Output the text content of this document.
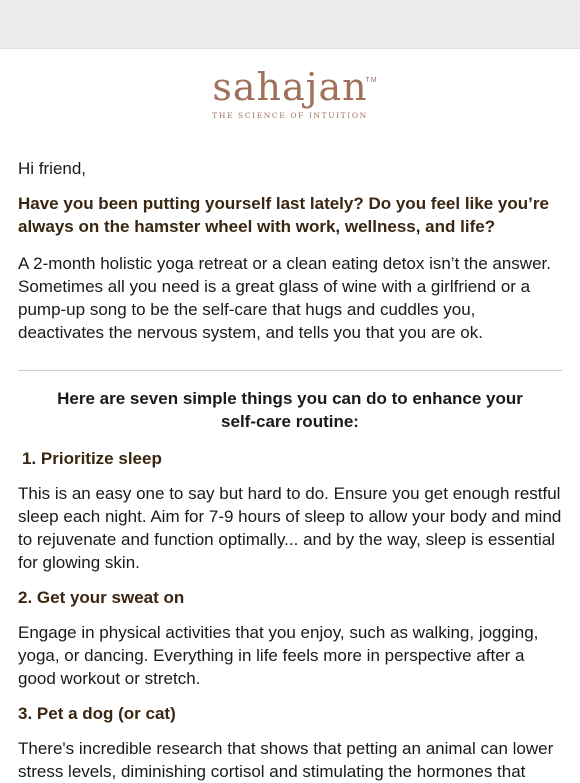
sahajan
TM
THE SCIENCE OF INTUITION

Hi friend,

Have you been putting yourself last lately? Do you feel like you’re always on the hamster wheel with work, wellness, and life?

A 2-month holistic yoga retreat or a clean eating detox isn’t the answer. Sometimes all you need is a great glass of wine with a girlfriend or a pump-up song to be the self-care that hugs and cuddles you, deactivates the nervous system, and tells you that you are ok.

Here are seven simple things you can do to enhance your self-care routine:

1. Prioritize sleep

This is an easy one to say but hard to do. Ensure you get enough restful sleep each night. Aim for 7-9 hours of sleep to allow your body and mind to rejuvenate and function optimally... and by the way, sleep is essential for glowing skin.

2. Get your sweat on

Engage in physical activities that you enjoy, such as walking, jogging, yoga, or dancing. Everything in life feels more in perspective after a good workout or stretch.

3. Pet a dog (or cat)

There's incredible research that shows that petting an animal can lower stress levels, diminishing cortisol and stimulating the hormones that
